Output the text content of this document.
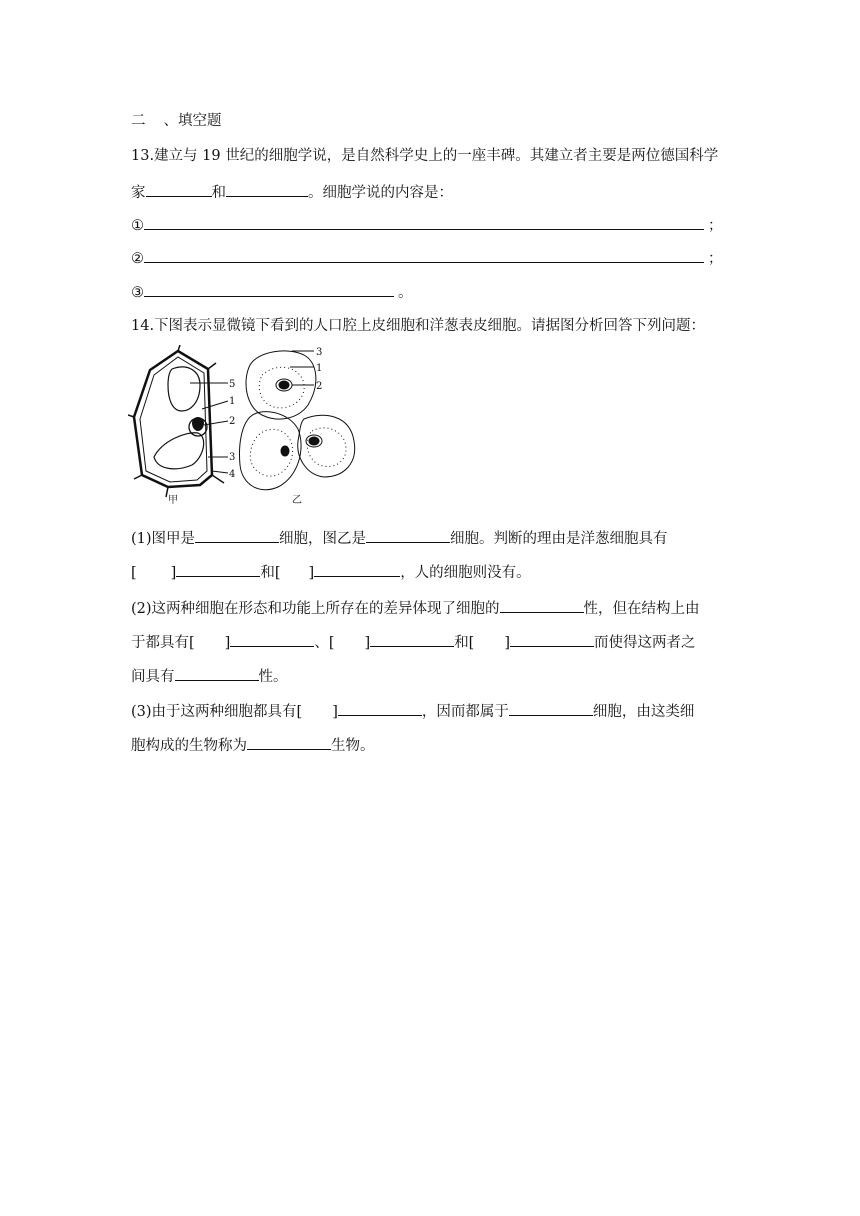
二 、填空题
13.建立与 19 世纪的细胞学说，是自然科学史上的一座丰碑。其建立者主要是两位德国科学
家	和	。细胞学说的内容是：
①	；
②	；
③	。
14.下图表示显微镜下看到的人口腔上皮细胞和洋葱表皮细胞。请据图分析回答下列问题：
5
1
2
3
4
甲
3
1
2
乙
(1)图甲是	细胞，图乙是	细胞。判断的理由是洋葱细胞具有
[ ]	和[ ]	，人的细胞则没有。
(2)这两种细胞在形态和功能上所存在的差异体现了细胞的	性，但在结构上由
于都具有[ ]	、[ ]	和[ ]	而使得这两者之
间具有	性。
(3)由于这两种细胞都具有[ ]	，因而都属于	细胞，由这类细
胞构成的生物称为	生物。
